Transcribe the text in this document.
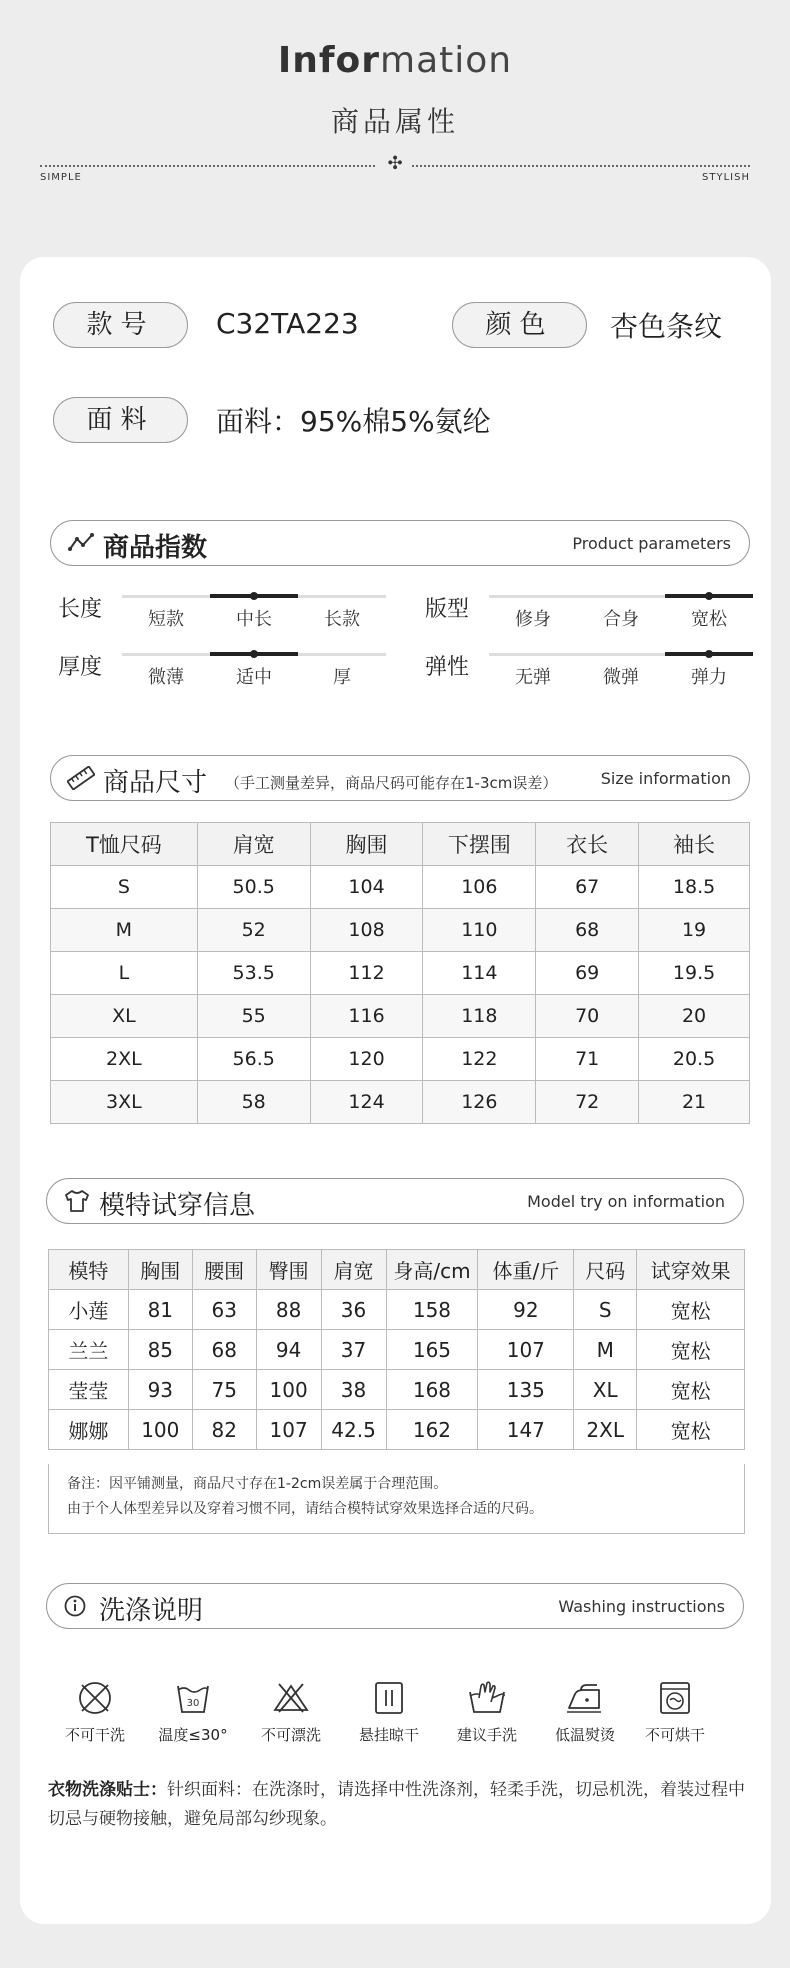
Information
商品属性
✣
SIMPLE	STYLISH
款号	C32TA223	颜色	杏色条纹
面料	面料：95%棉5%氨纶
商品指数	Product parameters
长度	短款	中长	长款	版型	修身	合身	宽松
厚度	微薄	适中	厚	弹性	无弹	微弹	弹力
商品尺寸 （手工测量差异，商品尺码可能存在1-3cm误差）	Size information
T恤尺码	肩宽	胸围	下摆围	衣长	袖长
S	50.5	104	106	67	18.5
M	52	108	110	68	19
L	53.5	112	114	69	19.5
XL	55	116	118	70	20
2XL	56.5	120	122	71	20.5
3XL	58	124	126	72	21
模特试穿信息	Model try on information
模特	胸围	腰围	臀围	肩宽	身高/cm	体重/斤	尺码	试穿效果
小莲	81	63	88	36	158	92	S	宽松
兰兰	85	68	94	37	165	107	M	宽松
莹莹	93	75	100	38	168	135	XL	宽松
娜娜	100	82	107	42.5	162	147	2XL	宽松
备注：因平铺测量，商品尺寸存在1-2cm误差属于合理范围。
由于个人体型差异以及穿着习惯不同，请结合模特试穿效果选择合适的尺码。
洗涤说明	Washing instructions
不可干洗
30
温度≤30°	不可漂洗	悬挂晾干	建议手洗	低温熨烫	不可烘干
衣物洗涤贴士：针织面料：在洗涤时，请选择中性洗涤剂，轻柔手洗，切忌机洗，着装过程中切忌与硬物接触，避免局部勾纱现象。
